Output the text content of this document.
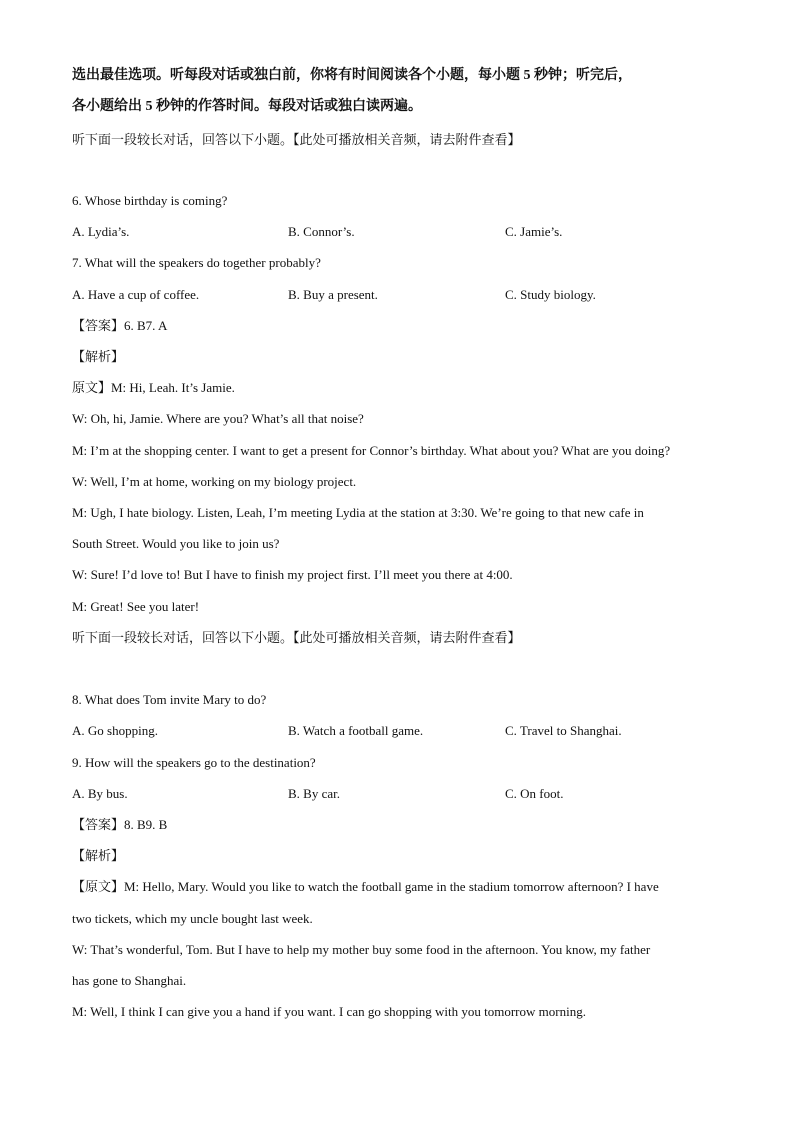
选出最佳选项。听每段对话或独白前，你将有时间阅读各个小题，每小题 5 秒钟；听完后，
各小题给出 5 秒钟的作答时间。每段对话或独白读两遍。
听下面一段较长对话，回答以下小题。【此处可播放相关音频，请去附件查看】
6. Whose birthday is coming?
A. Lydia’s.	B. Connor’s.	C. Jamie’s.
7. What will the speakers do together probably?
A. Have a cup of coffee.	B. Buy a present.	C. Study biology.
【答案】6. B7. A
【解析】
原文】M: Hi, Leah. It’s Jamie.
W: Oh, hi, Jamie. Where are you? What’s all that noise?
M: I’m at the shopping center. I want to get a present for Connor’s birthday. What about you? What are you doing?
W: Well, I’m at home, working on my biology project.
M: Ugh, I hate biology. Listen, Leah, I’m meeting Lydia at the station at 3:30. We’re going to that new cafe in
South Street. Would you like to join us?
W: Sure! I’d love to! But I have to finish my project first. I’ll meet you there at 4:00.
M: Great! See you later!
听下面一段较长对话，回答以下小题。【此处可播放相关音频，请去附件查看】
8. What does Tom invite Mary to do?
A. Go shopping.	B. Watch a football game.	C. Travel to Shanghai.
9. How will the speakers go to the destination?
A. By bus.	B. By car.	C. On foot.
【答案】8. B9. B
【解析】
【原文】M: Hello, Mary. Would you like to watch the football game in the stadium tomorrow afternoon? I have
two tickets, which my uncle bought last week.
W: That’s wonderful, Tom. But I have to help my mother buy some food in the afternoon. You know, my father
has gone to Shanghai.
M: Well, I think I can give you a hand if you want. I can go shopping with you tomorrow morning.
